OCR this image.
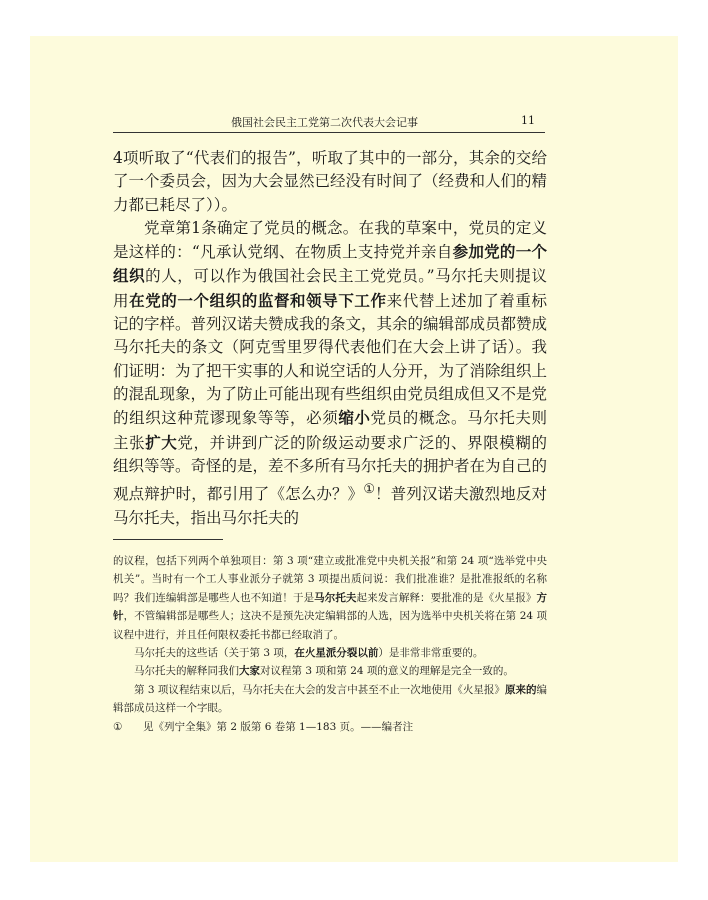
俄国社会民主工党第二次代表大会记事	11

4项听取了“代表们的报告”，听取了其中的一部分，其余的交给了一个委员会，因为大会显然已经没有时间了（经费和人们的精力都已耗尽了））。

党章第1条确定了党员的概念。在我的草案中，党员的定义是这样的：“凡承认党纲、在物质上支持党并亲自参加党的一个组织的人，可以作为俄国社会民主工党党员。”马尔托夫则提议用在党的一个组织的监督和领导下工作来代替上述加了着重标记的字样。普列汉诺夫赞成我的条文，其余的编辑部成员都赞成马尔托夫的条文（阿克雪里罗得代表他们在大会上讲了话）。我们证明：为了把干实事的人和说空话的人分开，为了消除组织上的混乱现象，为了防止可能出现有些组织由党员组成但又不是党的组织这种荒谬现象等等，必须缩小党员的概念。马尔托夫则主张扩大党，并讲到广泛的阶级运动要求广泛的、界限模糊的组织等等。奇怪的是，差不多所有马尔托夫的拥护者在为自己的观点辩护时，都引用了《怎么办？》①！普列汉诺夫激烈地反对马尔托夫，指出马尔托夫的

的议程，包括下列两个单独项目：第 3 项“建立或批准党中央机关报”和第 24 项“选举党中央机关”。当时有一个工人事业派分子就第 3 项提出质问说：我们批准谁？是批准报纸的名称吗？我们连编辑部是哪些人也不知道！于是马尔托夫起来发言解释：要批准的是《火星报》方针，不管编辑部是哪些人；这决不是预先决定编辑部的人选，因为选举中央机关将在第 24 项议程中进行，并且任何限权委托书都已经取消了。

马尔托夫的这些话（关于第 3 项，在火星派分裂以前）是非常非常重要的。

马尔托夫的解释同我们大家对议程第 3 项和第 24 项的意义的理解是完全一致的。

第 3 项议程结束以后，马尔托夫在大会的发言中甚至不止一次地使用《火星报》原来的编辑部成员这样一个字眼。

① 见《列宁全集》第 2 版第 6 卷第 1—183 页。——编者注
